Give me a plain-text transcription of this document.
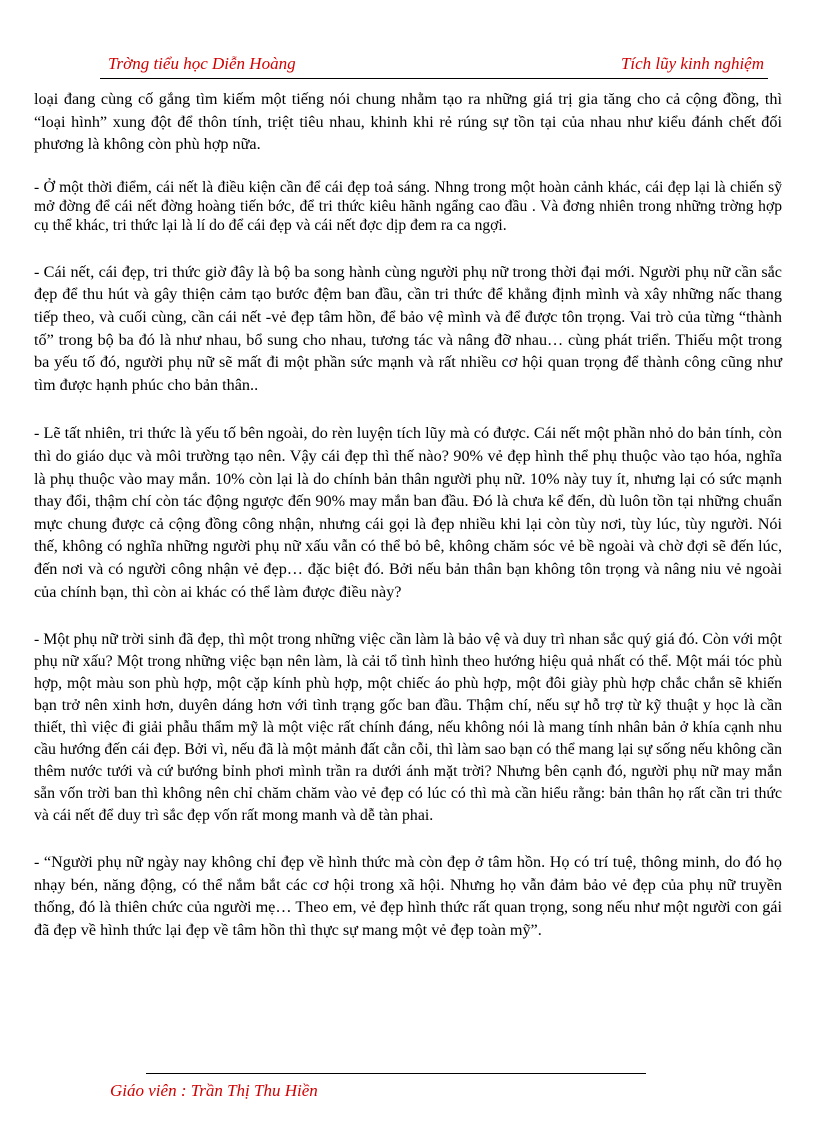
Trờng tiểu học Diễn Hoàng	Tích lũy kinh nghiệm

loại đang cùng cố gắng tìm kiếm một tiếng nói chung nhằm tạo ra những giá trị gia tăng cho cả cộng đồng, thì “loại hình” xung đột để thôn tính, triệt tiêu nhau, khinh khi rẻ rúng sự tồn tại của nhau như kiểu đánh chết đối phương là không còn phù hợp nữa.

- Ở một thời điểm, cái nết là điều kiện cần để cái đẹp toả sáng. Nhng trong một hoàn cảnh khác, cái đẹp lại là chiến sỹ mở đờng để cái nết đờng hoàng tiến bớc, để tri thức kiêu hãnh ngẩng cao đầu . Và đơng nhiên trong những trờng hợp cụ thể khác, tri thức lại là lí do để cái đẹp và cái nết đợc dịp đem ra ca ngợi.

- Cái nết, cái đẹp, tri thức giờ đây là bộ ba song hành cùng người phụ nữ trong thời đại mới. Người phụ nữ cần sắc đẹp để thu hút và gây thiện cảm tạo bước đệm ban đầu, cần tri thức để khẳng định mình và xây những nấc thang tiếp theo, và cuối cùng, cần cái nết -vẻ đẹp tâm hồn, để bảo vệ mình và để được tôn trọng. Vai trò của từng “thành tố” trong bộ ba đó là như nhau, bổ sung cho nhau, tương tác và nâng đỡ nhau… cùng phát triển. Thiếu một trong ba yếu tố đó, người phụ nữ sẽ mất đi một phần sức mạnh và rất nhiều cơ hội quan trọng để thành công cũng như tìm được hạnh phúc cho bản thân..

- Lẽ tất nhiên, tri thức là yếu tố bên ngoài, do rèn luyện tích lũy mà có được. Cái nết một phần nhỏ do bản tính, còn thì do giáo dục và môi trường tạo nên. Vậy cái đẹp thì thế nào? 90% vẻ đẹp hình thể phụ thuộc vào tạo hóa, nghĩa là phụ thuộc vào may mắn. 10% còn lại là do chính bản thân người phụ nữ. 10% này tuy ít, nhưng lại có sức mạnh thay đổi, thậm chí còn tác động ngược đến 90% may mắn ban đầu. Đó là chưa kể đến, dù luôn tồn tại những chuẩn mực chung được cả cộng đồng công nhận, nhưng cái gọi là đẹp nhiều khi lại còn tùy nơi, tùy lúc, tùy người. Nói thế, không có nghĩa những người phụ nữ xấu vẫn có thể bỏ bê, không chăm sóc vẻ bề ngoài và chờ đợi sẽ đến lúc, đến nơi và có người công nhận vẻ đẹp… đặc biệt đó. Bởi nếu bản thân bạn không tôn trọng và nâng niu vẻ ngoài của chính bạn, thì còn ai khác có thể làm được điều này?

- Một phụ nữ trời sinh đã đẹp, thì một trong những việc cần làm là bảo vệ và duy trì nhan sắc quý giá đó. Còn với một phụ nữ xấu? Một trong những việc bạn nên làm, là cải tổ tình hình theo hướng hiệu quả nhất có thể. Một mái tóc phù hợp, một màu son phù hợp, một cặp kính phù hợp, một chiếc áo phù hợp, một đôi giày phù hợp chắc chắn sẽ khiến bạn trở nên xinh hơn, duyên dáng hơn với tình trạng gốc ban đầu. Thậm chí, nếu sự hỗ trợ từ kỹ thuật y học là cần thiết, thì việc đi giải phẫu thẩm mỹ là một việc rất chính đáng, nếu không nói là mang tính nhân bản ở khía cạnh nhu cầu hướng đến cái đẹp. Bởi vì, nếu đã là một mảnh đất cằn cỗi, thì làm sao bạn có thể mang lại sự sống nếu không cần thêm nước tưới và cứ bướng bỉnh phơi mình trần ra dưới ánh mặt trời? Nhưng bên cạnh đó, người phụ nữ may mắn sẵn vốn trời ban thì không nên chỉ chăm chăm vào vẻ đẹp có lúc có thì mà cần hiểu rằng: bản thân họ rất cần tri thức và cái nết để duy trì sắc đẹp vốn rất mong manh và dễ tàn phai.

- “Người phụ nữ ngày nay không chỉ đẹp về hình thức mà còn đẹp ở tâm hồn. Họ có trí tuệ, thông minh, do đó họ nhạy bén, năng động, có thể nắm bắt các cơ hội trong xã hội. Nhưng họ vẫn đảm bảo vẻ đẹp của phụ nữ truyền thống, đó là thiên chức của người mẹ… Theo em, vẻ đẹp hình thức rất quan trọng, song nếu như một người con gái đã đẹp về hình thức lại đẹp về tâm hồn thì thực sự mang một vẻ đẹp toàn mỹ”.

Giáo viên : Trần Thị Thu Hiền
